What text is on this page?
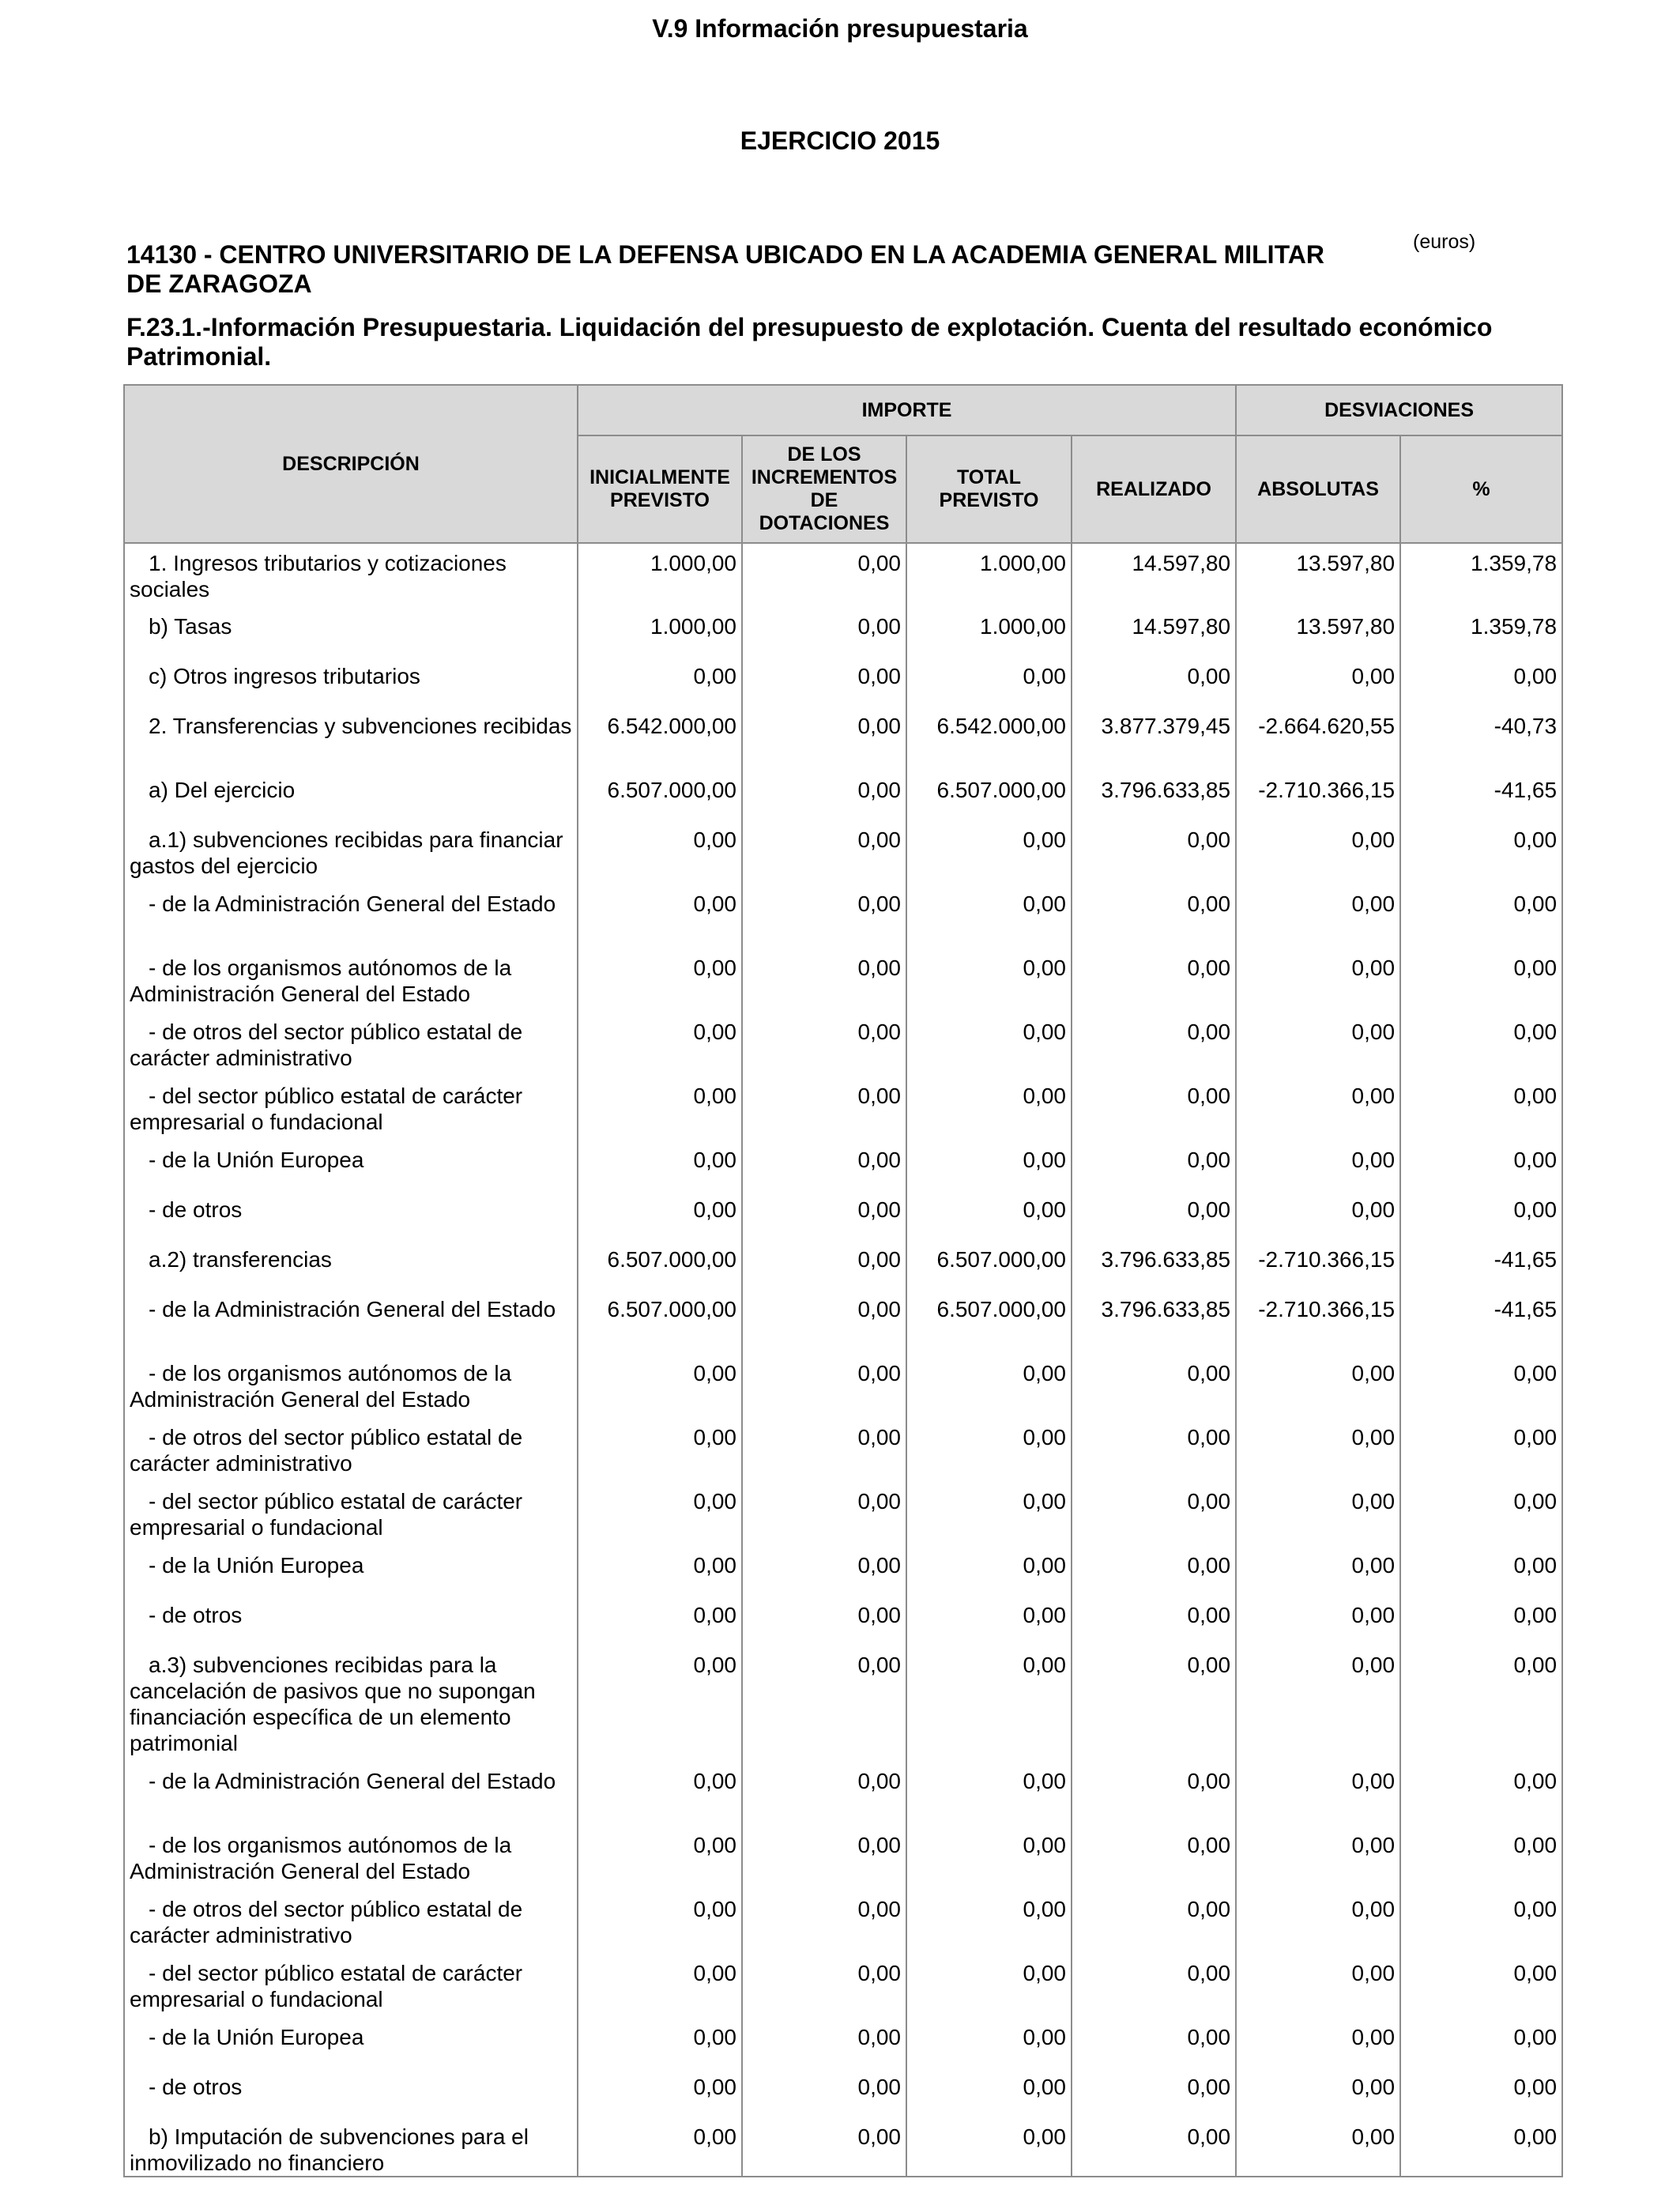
V.9 Información presupuestaria
EJERCICIO 2015
14130 - CENTRO UNIVERSITARIO DE LA DEFENSA UBICADO EN LA ACADEMIA GENERAL MILITAR DE ZARAGOZA
(euros)
F.23.1.-Información Presupuestaria. Liquidación del presupuesto de explotación. Cuenta del resultado económico Patrimonial.
DESCRIPCIÓN	IMPORTE				DESVIACIONES	
	INICIALMENTE PREVISTO	DE LOS INCREMENTOS DE DOTACIONES	TOTAL PREVISTO	REALIZADO	ABSOLUTAS	%
1. Ingresos tributarios y cotizaciones sociales	1.000,00	0,00	1.000,00	14.597,80	13.597,80	1.359,78
b) Tasas	1.000,00	0,00	1.000,00	14.597,80	13.597,80	1.359,78
c) Otros ingresos tributarios	0,00	0,00	0,00	0,00	0,00	0,00
2. Transferencias y subvenciones recibidas	6.542.000,00	0,00	6.542.000,00	3.877.379,45	-2.664.620,55	-40,73
a) Del ejercicio	6.507.000,00	0,00	6.507.000,00	3.796.633,85	-2.710.366,15	-41,65
a.1) subvenciones recibidas para financiar gastos del ejercicio	0,00	0,00	0,00	0,00	0,00	0,00
- de la Administración General del Estado	0,00	0,00	0,00	0,00	0,00	0,00
- de los organismos autónomos de la Administración General del Estado	0,00	0,00	0,00	0,00	0,00	0,00
- de otros del sector público estatal de carácter administrativo	0,00	0,00	0,00	0,00	0,00	0,00
- del sector público estatal de carácter empresarial o fundacional	0,00	0,00	0,00	0,00	0,00	0,00
- de la Unión Europea	0,00	0,00	0,00	0,00	0,00	0,00
- de otros	0,00	0,00	0,00	0,00	0,00	0,00
a.2) transferencias	6.507.000,00	0,00	6.507.000,00	3.796.633,85	-2.710.366,15	-41,65
- de la Administración General del Estado	6.507.000,00	0,00	6.507.000,00	3.796.633,85	-2.710.366,15	-41,65
- de los organismos autónomos de la Administración General del Estado	0,00	0,00	0,00	0,00	0,00	0,00
- de otros del sector público estatal de carácter administrativo	0,00	0,00	0,00	0,00	0,00	0,00
- del sector público estatal de carácter empresarial o fundacional	0,00	0,00	0,00	0,00	0,00	0,00
- de la Unión Europea	0,00	0,00	0,00	0,00	0,00	0,00
- de otros	0,00	0,00	0,00	0,00	0,00	0,00
a.3) subvenciones recibidas para la cancelación de pasivos que no supongan financiación específica de un elemento patrimonial	0,00	0,00	0,00	0,00	0,00	0,00
- de la Administración General del Estado	0,00	0,00	0,00	0,00	0,00	0,00
- de los organismos autónomos de la Administración General del Estado	0,00	0,00	0,00	0,00	0,00	0,00
- de otros del sector público estatal de carácter administrativo	0,00	0,00	0,00	0,00	0,00	0,00
- del sector público estatal de carácter empresarial o fundacional	0,00	0,00	0,00	0,00	0,00	0,00
- de la Unión Europea	0,00	0,00	0,00	0,00	0,00	0,00
- de otros	0,00	0,00	0,00	0,00	0,00	0,00
b) Imputación de subvenciones para el inmovilizado no financiero	0,00	0,00	0,00	0,00	0,00	0,00
